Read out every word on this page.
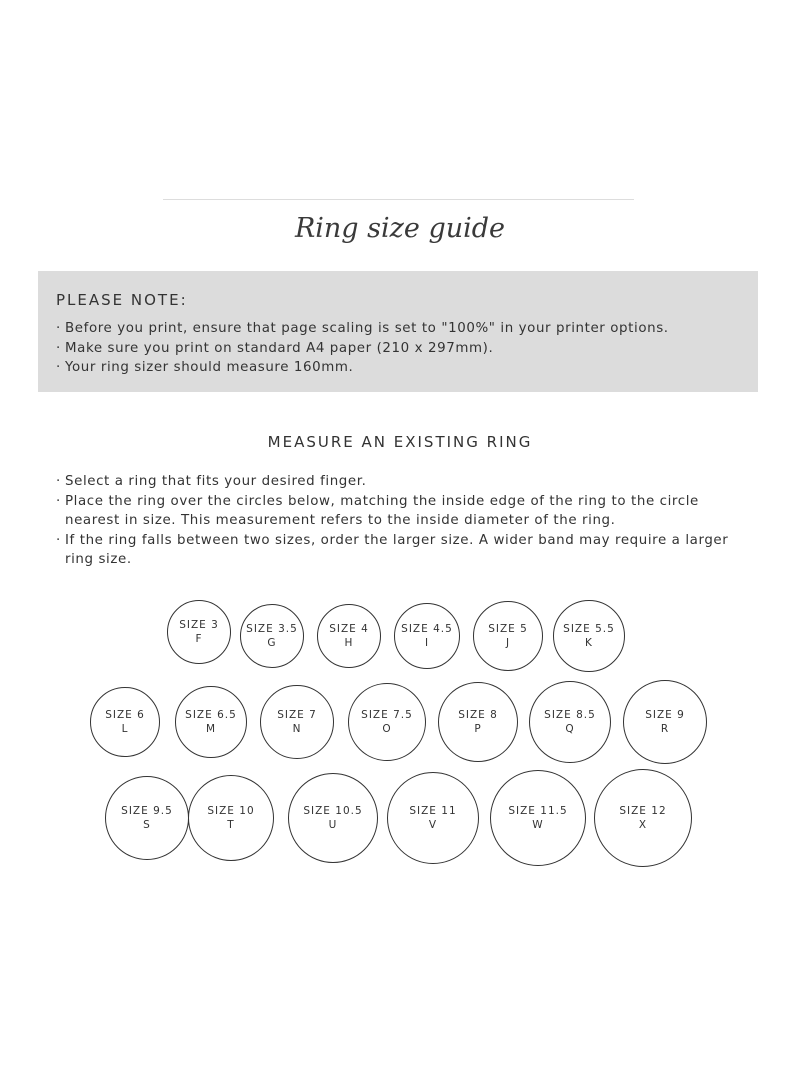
Ring size guide
PLEASE NOTE:
· Before you print, ensure that page scaling is set to "100%" in your printer options.
· Make sure you print on standard A4 paper (210 x 297mm).
· Your ring sizer should measure 160mm.
MEASURE AN EXISTING RING
· Select a ring that fits your desired finger.
· Place the ring over the circles below, matching the inside edge of the ring to the circle nearest in size. This measurement refers to the inside diameter of the ring.
· If the ring falls between two sizes, order the larger size. A wider band may require a larger ring size.
SIZE 3
F
SIZE 3.5
G
SIZE 4
H
SIZE 4.5
I
SIZE 5
J
SIZE 5.5
K
SIZE 6
L
SIZE 6.5
M
SIZE 7
N
SIZE 7.5
O
SIZE 8
P
SIZE 8.5
Q
SIZE 9
R
SIZE 9.5
S
SIZE 10
T
SIZE 10.5
U
SIZE 11
V
SIZE 11.5
W
SIZE 12
X
